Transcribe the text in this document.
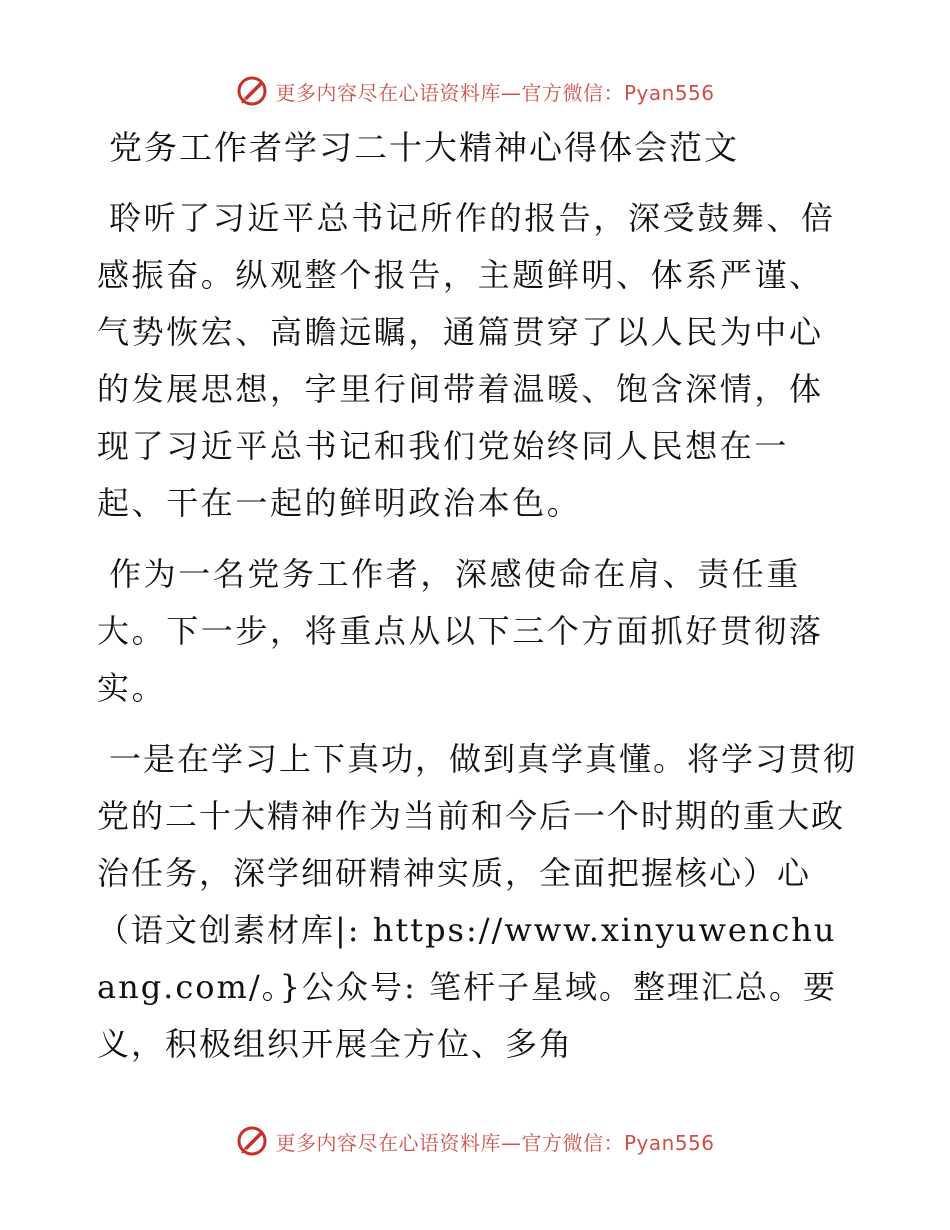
更多内容尽在心语资料库—官方微信：Pyan556
党务工作者学习二十大精神心得体会范文

聆听了习近平总书记所作的报告，深受鼓舞、倍感振奋。纵观整个报告，主题鲜明、体系严谨、气势恢宏、高瞻远瞩，通篇贯穿了以人民为中心的发展思想，字里行间带着温暖、饱含深情，体现了习近平总书记和我们党始终同人民想在一起、干在一起的鲜明政治本色。

作为一名党务工作者，深感使命在肩、责任重大。下一步，将重点从以下三个方面抓好贯彻落实。

一是在学习上下真功，做到真学真懂。将学习贯彻党的二十大精神作为当前和今后一个时期的重大政治任务，深学细研精神实质，全面把握核心）心（语文创素材库|: https://www.xinyuwenchuang.com/。}公众号: 笔杆子星域。整理汇总。要义，积极组织开展全方位、多角

更多内容尽在心语资料库—官方微信：Pyan556
